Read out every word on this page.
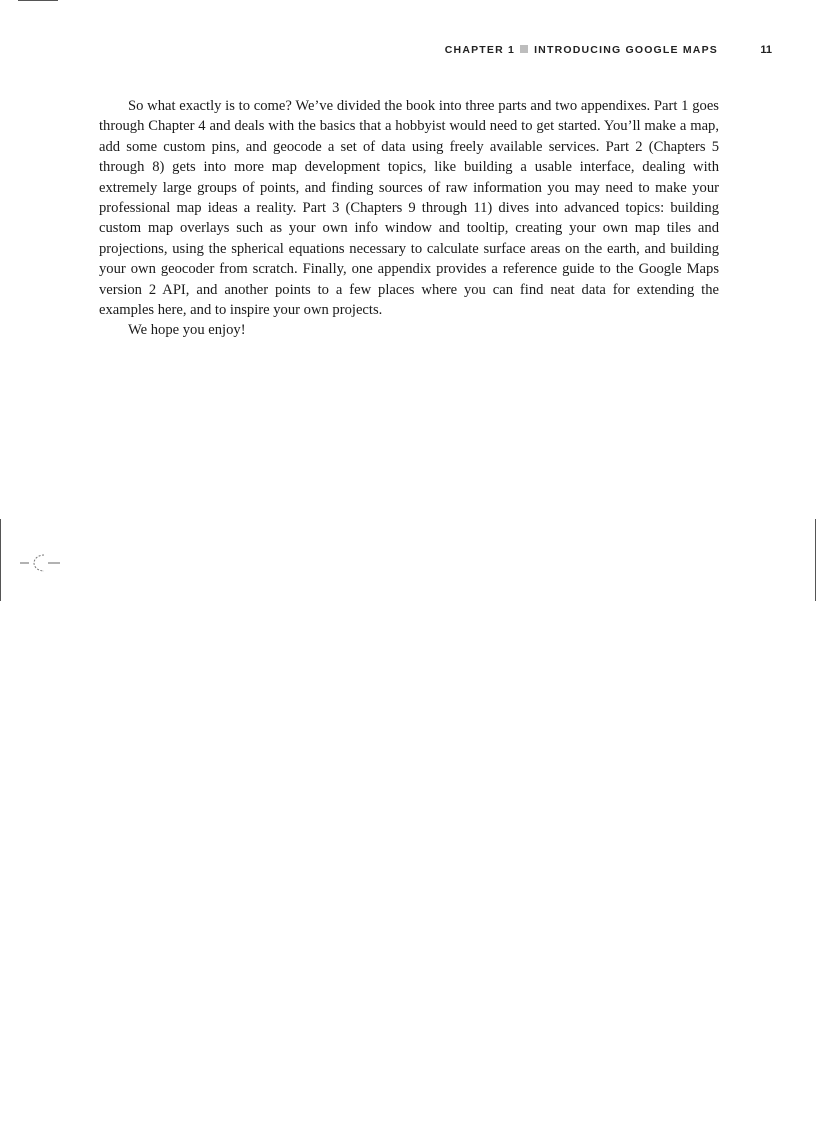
CHAPTER 1 INTRODUCING GOOGLE MAPS	11

So what exactly is to come? We’ve divided the book into three parts and two appendixes. Part 1 goes through Chapter 4 and deals with the basics that a hobbyist would need to get started. You’ll make a map, add some custom pins, and geocode a set of data using freely available services. Part 2 (Chapters 5 through 8) gets into more map development topics, like building a usable interface, dealing with extremely large groups of points, and finding sources of raw information you may need to make your professional map ideas a reality. Part 3 (Chapters 9 through 11) dives into advanced topics: building custom map overlays such as your own info window and tooltip, creating your own map tiles and projections, using the spherical equations necessary to calculate surface areas on the earth, and building your own geocoder from scratch. Finally, one appendix provides a reference guide to the Google Maps version 2 API, and another points to a few places where you can find neat data for extending the examples here, and to inspire your own projects.

We hope you enjoy!
